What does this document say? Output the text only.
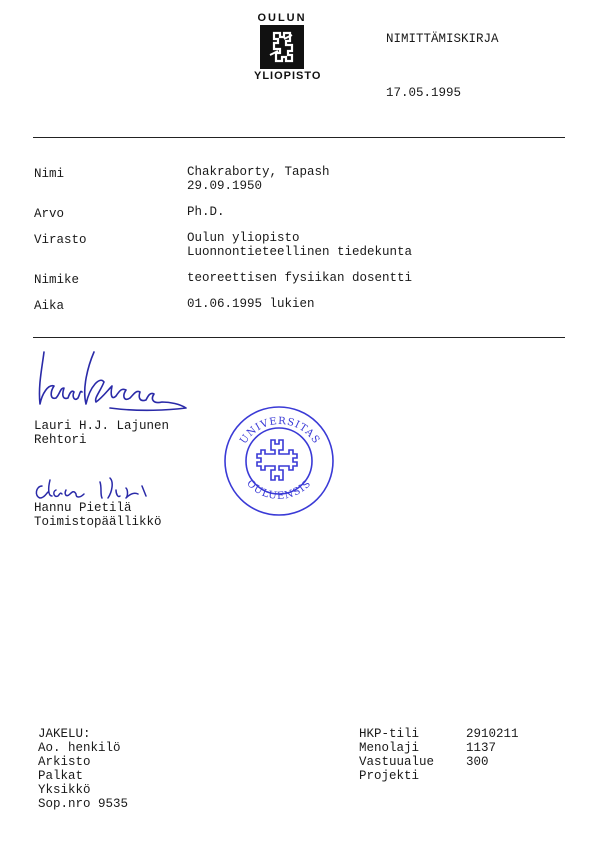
OULUN
YLIOPISTO
NIMITTÄMISKIRJA
17.05.1995
Nimi	Chakraborty, Tapash
29.09.1950
Arvo	Ph.D.
Virasto	Oulun yliopisto
Luonnontieteellinen tiedekunta
Nimike	teoreettisen fysiikan dosentti
Aika	01.06.1995 lukien
Lauri H.J. Lajunen
Rehtori
Hannu Pietilä
Toimistopäällikkö
UNIVERSITAS
OULUENSIS
JAKELU:
Ao. henkilö
Arkisto
Palkat
Yksikkö
Sop.nro 9535
HKP-tili	2910211
Menolaji	1137
Vastuualue	300
Projekti
